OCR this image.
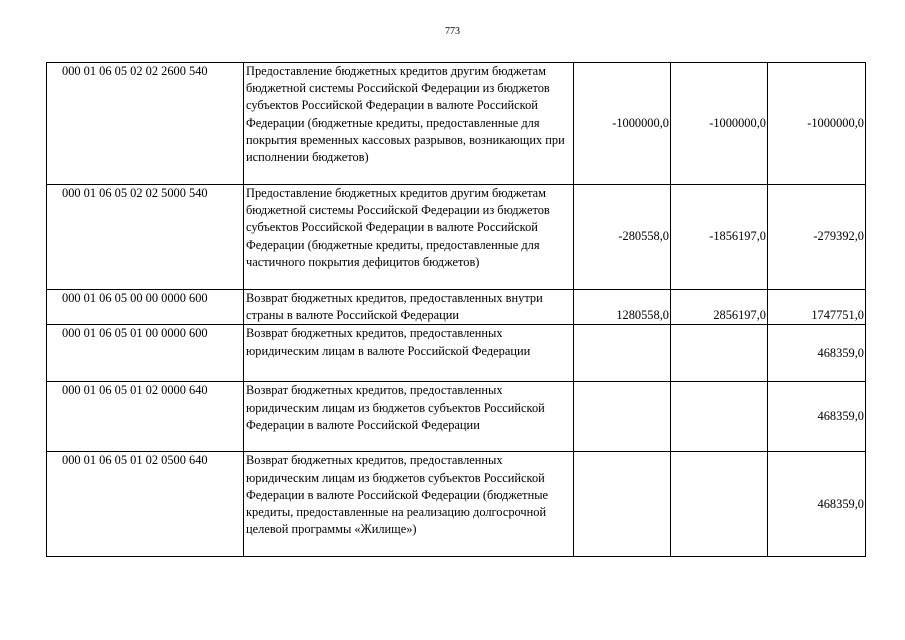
773
000 01 06 05 02 02 2600 540	Предоставление бюджетных кредитов другим бюджетам бюджетной системы Российской Федерации из бюджетов субъектов Российской Федерации в валюте Российской Федерации (бюджетные кредиты, предоставленные для покрытия временных кассовых разрывов, возникающих при исполнении бюджетов)	-1000000,0	-1000000,0	-1000000,0
000 01 06 05 02 02 5000 540	Предоставление бюджетных кредитов другим бюджетам бюджетной системы Российской Федерации из бюджетов субъектов Российской Федерации в валюте Российской Федерации (бюджетные кредиты, предоставленные для частичного покрытия дефицитов бюджетов)	-280558,0	-1856197,0	-279392,0
000 01 06 05 00 00 0000 600	Возврат бюджетных кредитов, предоставленных внутри страны в валюте Российской Федерации	1280558,0	2856197,0	1747751,0
000 01 06 05 01 00 0000 600	Возврат бюджетных кредитов, предоставленных юридическим лицам в валюте Российской Федерации			468359,0
000 01 06 05 01 02 0000 640	Возврат бюджетных кредитов, предоставленных юридическим лицам из бюджетов субъектов Российской Федерации в валюте Российской Федерации			468359,0
000 01 06 05 01 02 0500 640	Возврат бюджетных кредитов, предоставленных юридическим лицам из бюджетов субъектов Российской Федерации в валюте Российской Федерации (бюджетные кредиты, предоставленные на реализацию долгосрочной целевой программы «Жилище»)			468359,0
